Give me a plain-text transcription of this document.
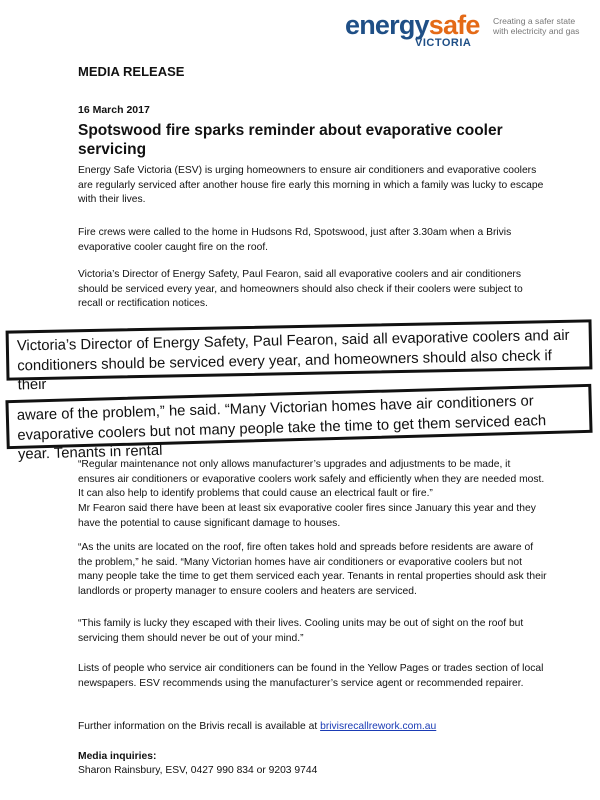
energysafe
VICTORIA
Creating a safer state with electricity and gas
MEDIA RELEASE
16 March 2017
Spotswood fire sparks reminder about evaporative cooler servicing
Energy Safe Victoria (ESV) is urging homeowners to ensure air conditioners and evaporative coolers are regularly serviced after another house fire early this morning in which a family was lucky to escape with their lives.
Fire crews were called to the home in Hudsons Rd, Spotswood, just after 3.30am when a Brivis evaporative cooler caught fire on the roof.
Victoria’s Director of Energy Safety, Paul Fearon, said all evaporative coolers and air conditioners should be serviced every year, and homeowners should also check if their coolers were subject to recall or rectification notices.
Victoria’s Director of Energy Safety, Paul Fearon, said all evaporative coolers and air conditioners should be serviced every year, and homeowners should also check if their
aware of the problem,” he said. “Many Victorian homes have air conditioners or evaporative coolers but not many people take the time to get them serviced each year. Tenants in rental
“Regular maintenance not only allows manufacturer’s upgrades and adjustments to be made, it ensures air conditioners or evaporative coolers work safely and efficiently when they are needed most. It can also help to identify problems that could cause an electrical fault or fire.”
Mr Fearon said there have been at least six evaporative cooler fires since January this year and they have the potential to cause significant damage to houses.
“As the units are located on the roof, fire often takes hold and spreads before residents are aware of the problem,” he said. “Many Victorian homes have air conditioners or evaporative coolers but not many people take the time to get them serviced each year. Tenants in rental properties should ask their landlords or property manager to ensure coolers and heaters are serviced.
“This family is lucky they escaped with their lives. Cooling units may be out of sight on the roof but servicing them should never be out of your mind.”
Lists of people who service air conditioners can be found in the Yellow Pages or trades section of local newspapers. ESV recommends using the manufacturer’s service agent or recommended repairer.
Further information on the Brivis recall is available at brivisrecallrework.com.au
Media inquiries:
Sharon Rainsbury, ESV, 0427 990 834 or 9203 9744
